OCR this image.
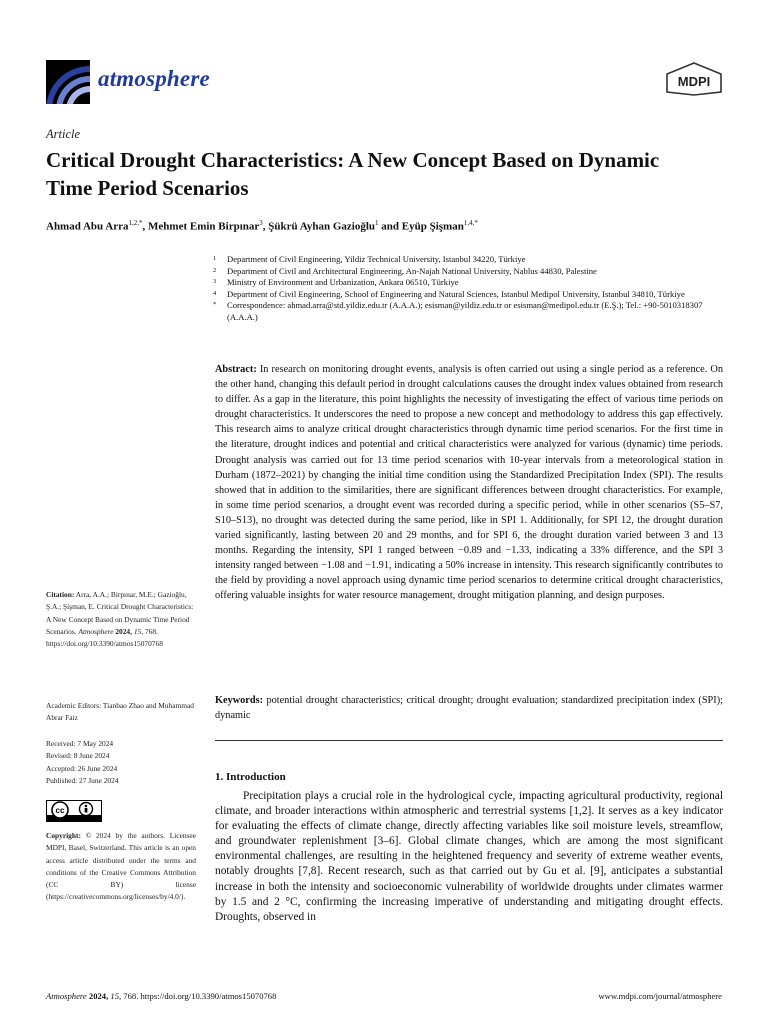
atmosphere	MDPI
Article
Critical Drought Characteristics: A New Concept Based on Dynamic Time Period Scenarios
Ahmad Abu Arra$^{1,2,*}$, Mehmet Emin Birpınar$^3$, Şükrü Ayhan Gazioğlu$^1$ and Eyüp Şişman$^{1,4,*}$
1 Department of Civil Engineering, Yildiz Technical University, Istanbul 34220, Türkiye
2 Department of Civil and Architectural Engineering, An-Najah National University, Nablus 44830, Palestine
3 Ministry of Environment and Urbanization, Ankara 06510, Türkiye
4 Department of Civil Engineering, School of Engineering and Natural Sciences, Istanbul Medipol University, Istanbul 34810, Türkiye
* Correspondence: ahmad.arra@std.yildiz.edu.tr (A.A.A.); esisman@yildiz.edu.tr or esisman@medipol.edu.tr (E.Ş.); Tel.: +90-5010318307 (A.A.A.)
Abstract: In research on monitoring drought events, analysis is often carried out using a single period as a reference. On the other hand, changing this default period in drought calculations causes the drought index values obtained from research to differ. As a gap in the literature, this point highlights the necessity of investigating the effect of various time periods on drought characteristics. It underscores the need to propose a new concept and methodology to address this gap effectively. This research aims to analyze critical drought characteristics through dynamic time period scenarios. For the first time in the literature, drought indices and potential and critical characteristics were analyzed for various (dynamic) time periods. Drought analysis was carried out for 13 time period scenarios with 10-year intervals from a meteorological station in Durham (1872–2021) by changing the initial time condition using the Standardized Precipitation Index (SPI). The results showed that in addition to the similarities, there are significant differences between drought characteristics. For example, in some time period scenarios, a drought event was recorded during a specific period, while in other scenarios (S5–S7, S10–S13), no drought was detected during the same period, like in SPI 1. Additionally, for SPI 12, the drought duration varied significantly, lasting between 20 and 29 months, and for SPI 6, the drought duration varied between 3 and 13 months. Regarding the intensity, SPI 1 ranged between −0.89 and −1.33, indicating a 33% difference, and the SPI 3 intensity ranged between −1.08 and −1.91, indicating a 50% increase in intensity. This research significantly contributes to the field by providing a novel approach using dynamic time period scenarios to determine critical drought characteristics, offering valuable insights for water resource management, drought mitigation planning, and design purposes.
Keywords: potential drought characteristics; critical drought; drought evaluation; standardized precipitation index (SPI); dynamic
1. Introduction
Precipitation plays a crucial role in the hydrological cycle, impacting agricultural productivity, regional climate, and broader interactions within atmospheric and terrestrial systems [1,2]. It serves as a key indicator for evaluating the effects of climate change, directly affecting variables like soil moisture levels, streamflow, and groundwater replenishment [3–6]. Global climate changes, which are among the most significant environmental challenges, are resulting in the heightened frequency and severity of extreme weather events, notably droughts [7,8]. Recent research, such as that carried out by Gu et al. [9], anticipates a substantial increase in both the intensity and socioeconomic vulnerability of worldwide droughts under climates warmer by 1.5 and 2 °C, confirming the increasing imperative of understanding and mitigating drought effects. Droughts, observed in
Citation: Arra, A.A.; Birpınar, M.E.; Gazioğlu, Ş.A.; Şişman, E. Critical Drought Characteristics: A New Concept Based on Dynamic Time Period Scenarios. Atmosphere 2024, 15, 768. https://doi.org/10.3390/atmos15070768
Academic Editors: Tianbao Zhao and Muhammad Abrar Faiz
Received: 7 May 2024
Revised: 8 June 2024
Accepted: 26 June 2024
Published: 27 June 2024
cc
Copyright: © 2024 by the authors. Licensee MDPI, Basel, Switzerland. This article is an open access article distributed under the terms and conditions of the Creative Commons Attribution (CC BY) license (https://creativecommons.org/licenses/by/4.0/).
Atmosphere 2024, 15, 768. https://doi.org/10.3390/atmos15070768	www.mdpi.com/journal/atmosphere
